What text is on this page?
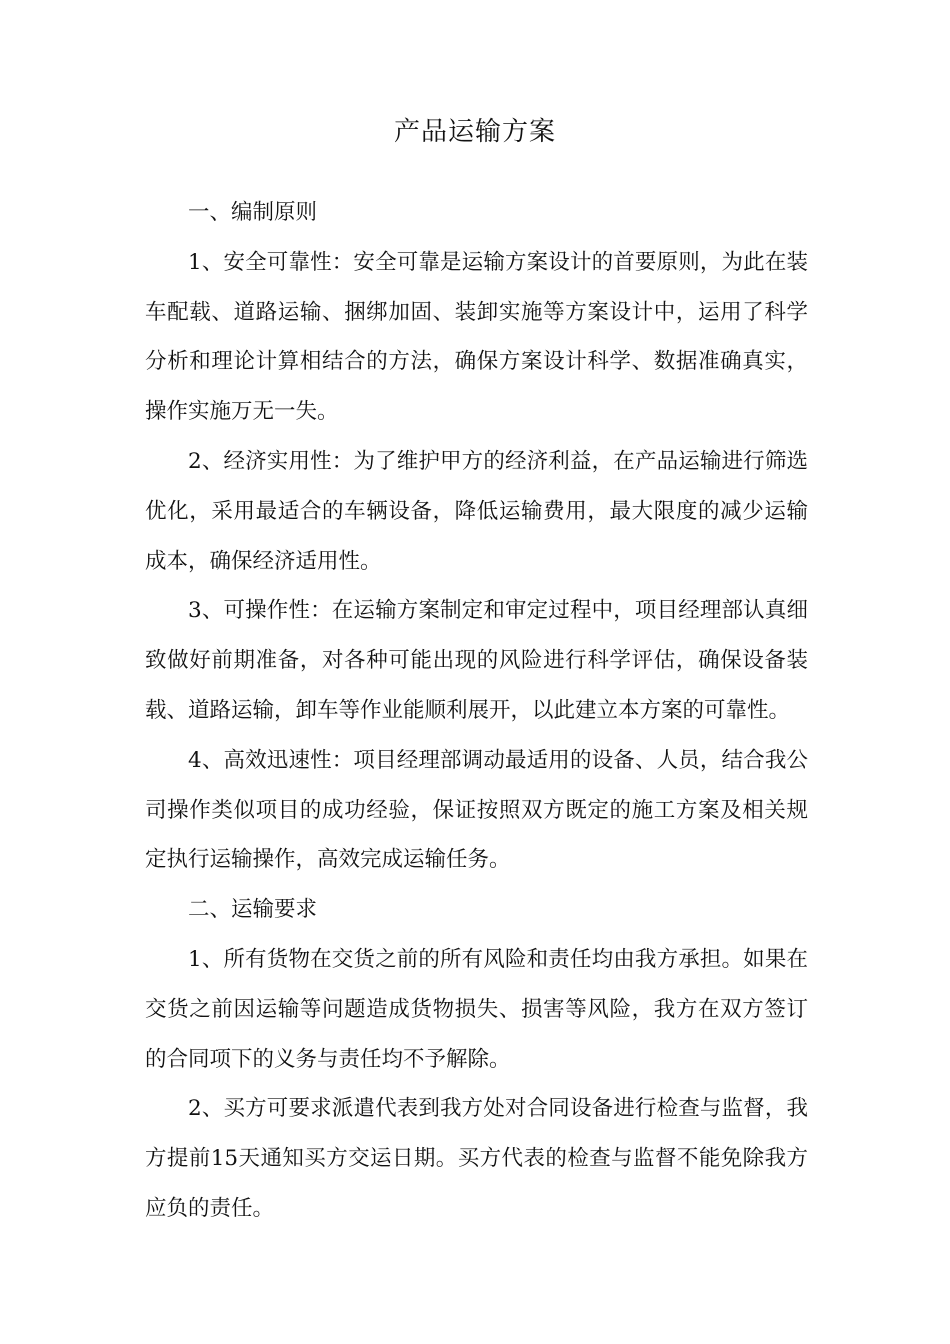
产品运输方案

一、编制原则

1、安全可靠性：安全可靠是运输方案设计的首要原则，为此在装车配载、道路运输、捆绑加固、装卸实施等方案设计中，运用了科学分析和理论计算相结合的方法，确保方案设计科学、数据准确真实，操作实施万无一失。

2、经济实用性：为了维护甲方的经济利益，在产品运输进行筛选优化，采用最适合的车辆设备，降低运输费用，最大限度的减少运输成本，确保经济适用性。

3、可操作性：在运输方案制定和审定过程中，项目经理部认真细致做好前期准备，对各种可能出现的风险进行科学评估，确保设备装载、道路运输，卸车等作业能顺利展开，以此建立本方案的可靠性。

4、高效迅速性：项目经理部调动最适用的设备、人员，结合我公司操作类似项目的成功经验，保证按照双方既定的施工方案及相关规定执行运输操作，高效完成运输任务。

二、运输要求

1、所有货物在交货之前的所有风险和责任均由我方承担。如果在交货之前因运输等问题造成货物损失、损害等风险，我方在双方签订的合同项下的义务与责任均不予解除。

2、买方可要求派遣代表到我方处对合同设备进行检查与监督，我方提前15天通知买方交运日期。买方代表的检查与监督不能免除我方应负的责任。
